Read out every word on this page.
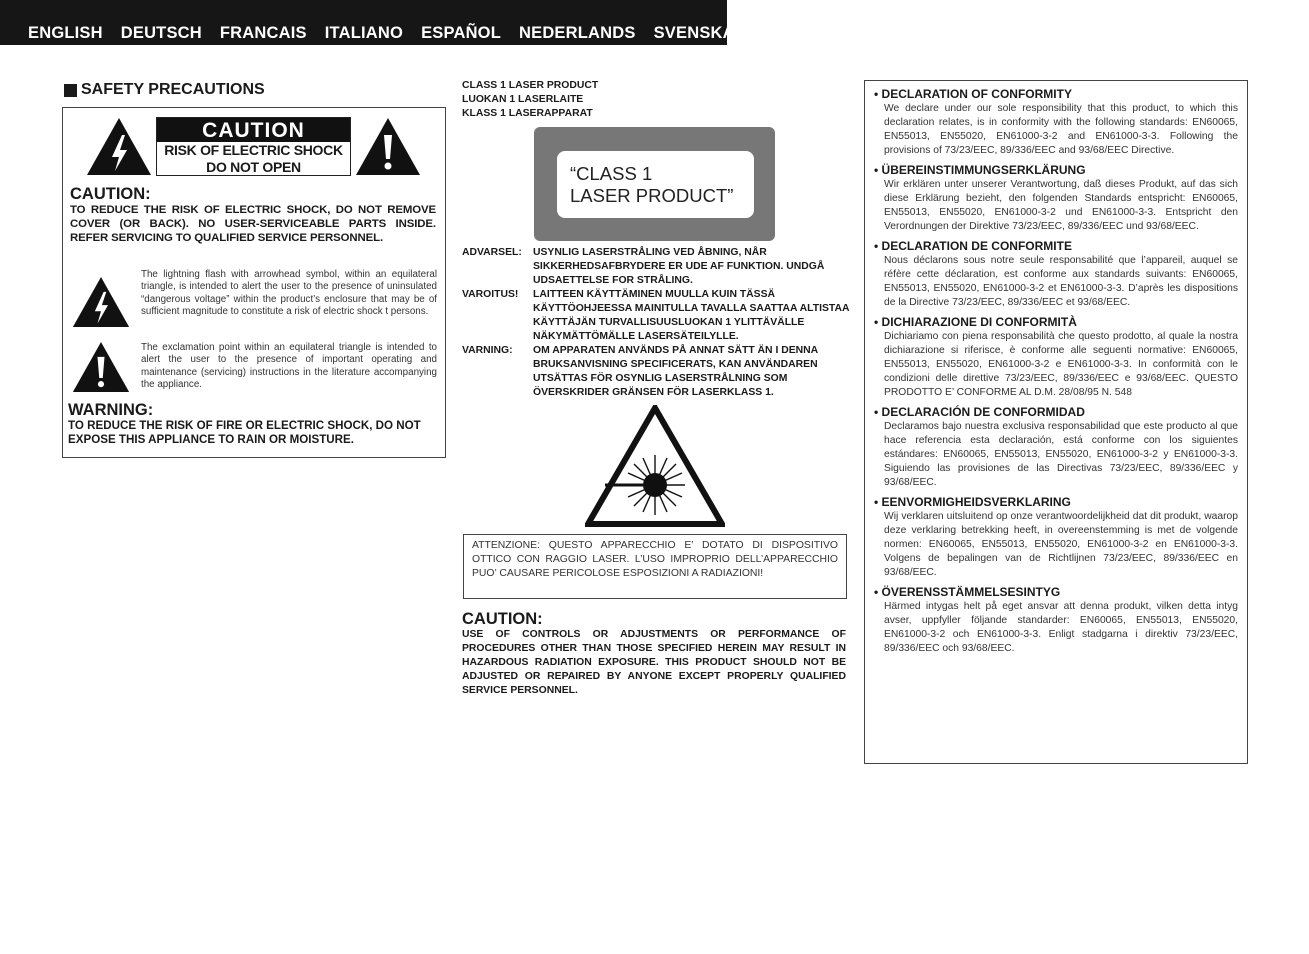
ENGLISH DEUTSCH FRANCAIS ITALIANO ESPAÑOL NEDERLANDS SVENSKA
SAFETY PRECAUTIONS
CAUTION
RISK OF ELECTRIC SHOCK
DO NOT OPEN
CAUTION:
TO REDUCE THE RISK OF ELECTRIC SHOCK, DO NOT REMOVE COVER (OR BACK). NO USER-SERVICEABLE PARTS INSIDE. REFER SERVICING TO QUALIFIED SERVICE PERSONNEL.
The lightning flash with arrowhead symbol, within an equilateral triangle, is intended to alert the user to the presence of uninsulated “dangerous voltage” within the product’s enclosure that may be of sufficient magnitude to constitute a risk of electric shock t persons.
The exclamation point within an equilateral triangle is intended to alert the user to the presence of important operating and maintenance (servicing) instructions in the literature accompanying the appliance.
WARNING:
TO REDUCE THE RISK OF FIRE OR ELECTRIC SHOCK, DO NOT EXPOSE THIS APPLIANCE TO RAIN OR MOISTURE.
CLASS 1 LASER PRODUCT
LUOKAN 1 LASERLAITE
KLASS 1 LASERAPPARAT
“CLASS 1
LASER PRODUCT”
ADVARSEL:	USYNLIG LASERSTRÅLING VED ÅBNING, NÅR SIKKERHEDSAFBRYDERE ER UDE AF FUNKTION. UNDGÅ UDSAETTELSE FOR STRÅLING.
VAROITUS!	LAITTEEN KÄYTTÄMINEN MUULLA KUIN TÄSSÄ KÄYTTÖOHJEESSA MAINITULLA TAVALLA SAATTAA ALTISTAA KÄYTTÄJÄN TURVALLISUUSLUOKAN 1 YLITTÄVÄLLE NÄKYMÄTTÖMÄLLE LASERSÄTEILYLLE.
VARNING:	OM APPARATEN ANVÄNDS PÅ ANNAT SÄTT ÄN I DENNA BRUKSANVISNING SPECIFICERATS, KAN ANVÄNDAREN UTSÄTTAS FÖR OSYNLIG LASERSTRÅLNING SOM ÖVERSKRIDER GRÄNSEN FÖR LASERKLASS 1.
ATTENZIONE: QUESTO APPARECCHIO E’ DOTATO DI DISPOSITIVO OTTICO CON RAGGIO LASER. L’USO IMPROPRIO DELL’APPARECCHIO PUO’ CAUSARE PERICOLOSE ESPOSIZIONI A RADIAZIONI!
CAUTION:
USE OF CONTROLS OR ADJUSTMENTS OR PERFORMANCE OF PROCEDURES OTHER THAN THOSE SPECIFIED HEREIN MAY RESULT IN HAZARDOUS RADIATION EXPOSURE. THIS PRODUCT SHOULD NOT BE ADJUSTED OR REPAIRED BY ANYONE EXCEPT PROPERLY QUALIFIED SERVICE PERSONNEL.
• DECLARATION OF CONFORMITY
We declare under our sole responsibility that this product, to which this declaration relates, is in conformity with the following standards: EN60065, EN55013, EN55020, EN61000-3-2 and EN61000-3-3. Following the provisions of 73/23/EEC, 89/336/EEC and 93/68/EEC Directive.
• ÜBEREINSTIMMUNGSERKLÄRUNG
Wir erklären unter unserer Verantwortung, daß dieses Produkt, auf das sich diese Erklärung bezieht, den folgenden Standards entspricht: EN60065, EN55013, EN55020, EN61000-3-2 und EN61000-3-3. Entspricht den Verordnungen der Direktive 73/23/EEC, 89/336/EEC und 93/68/EEC.
• DECLARATION DE CONFORMITE
Nous déclarons sous notre seule responsabilité que l’appareil, auquel se réfère cette déclaration, est conforme aux standards suivants: EN60065, EN55013, EN55020, EN61000-3-2 et EN61000-3-3. D’après les dispositions de la Directive 73/23/EEC, 89/336/EEC et 93/68/EEC.
• DICHIARAZIONE DI CONFORMITÀ
Dichiariamo con piena responsabilità che questo prodotto, al quale la nostra dichiarazione si riferisce, è conforme alle seguenti normative: EN60065, EN55013, EN55020, EN61000-3-2 e EN61000-3-3. In conformità con le condizioni delle direttive 73/23/EEC, 89/336/EEC e 93/68/EEC. QUESTO PRODOTTO E’ CONFORME AL D.M. 28/08/95 N. 548
• DECLARACIÓN DE CONFORMIDAD
Declaramos bajo nuestra exclusiva responsabilidad que este producto al que hace referencia esta declaración, está conforme con los siguientes estándares: EN60065, EN55013, EN55020, EN61000-3-2 y EN61000-3-3. Siguiendo las provisiones de las Directivas 73/23/EEC, 89/336/EEC y 93/68/EEC.
• EENVORMIGHEIDSVERKLARING
Wij verklaren uitsluitend op onze verantwoordelijkheid dat dit produkt, waarop deze verklaring betrekking heeft, in overeenstemming is met de volgende normen: EN60065, EN55013, EN55020, EN61000-3-2 en EN61000-3-3. Volgens de bepalingen van de Richtlijnen 73/23/EEC, 89/336/EEC en 93/68/EEC.
• ÖVERENSSTÄMMELSESINTYG
Härmed intygas helt på eget ansvar att denna produkt, vilken detta intyg avser, uppfyller följande standarder: EN60065, EN55013, EN55020, EN61000-3-2 och EN61000-3-3. Enligt stadgarna i direktiv 73/23/EEC, 89/336/EEC och 93/68/EEC.
